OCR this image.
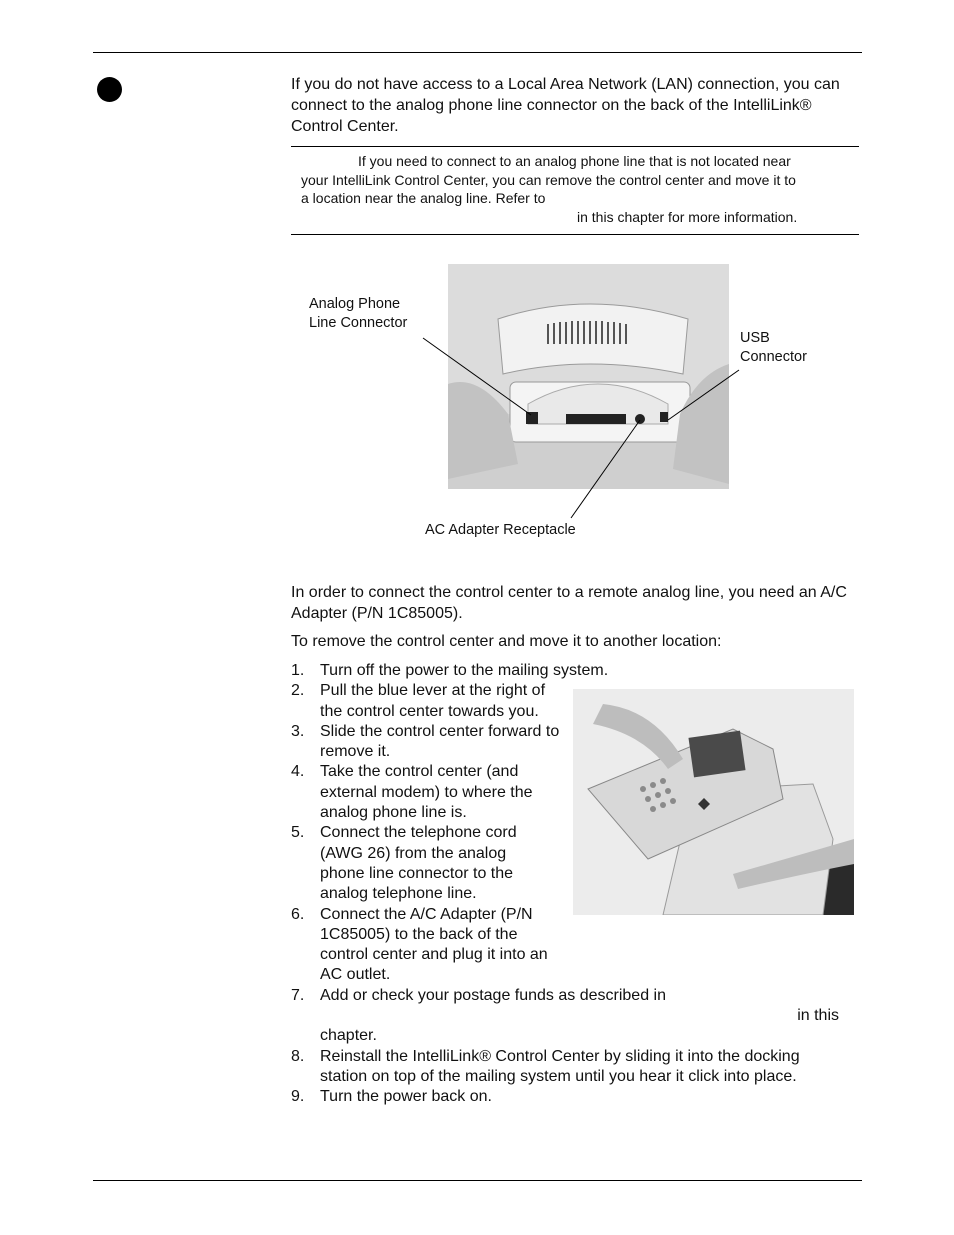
If you do not have access to a Local Area Network (LAN) connection, you can connect to the analog phone line connector on the back of the IntelliLink® Control Center.

If you need to connect to an analog phone line that is not located near

your IntelliLink Control Center, you can remove the control center and move it to

a location near the analog line. Refer to

in this chapter for more information.

Analog Phone Line Connector

USB Connector

AC Adapter Receptacle

In order to connect the control center to a remote analog line, you need an A/C Adapter (P/N 1C85005).

To remove the control center and move it to another location:

1. Turn off the power to the mailing system.
2. Pull the blue lever at the right of the control center towards you.
3. Slide the control center forward to remove it.
4. Take the control center (and external modem) to where the analog phone line is.
5. Connect the telephone cord (AWG 26) from the analog phone line connector to the analog telephone line.
6. Connect the A/C Adapter (P/N 1C85005) to the back of the control center and plug it into an AC outlet.
7. Add or check your postage funds as described in
in this
chapter.
8. Reinstall the IntelliLink® Control Center by sliding it into the docking station on top of the mailing system until you hear it click into place.
9. Turn the power back on.
